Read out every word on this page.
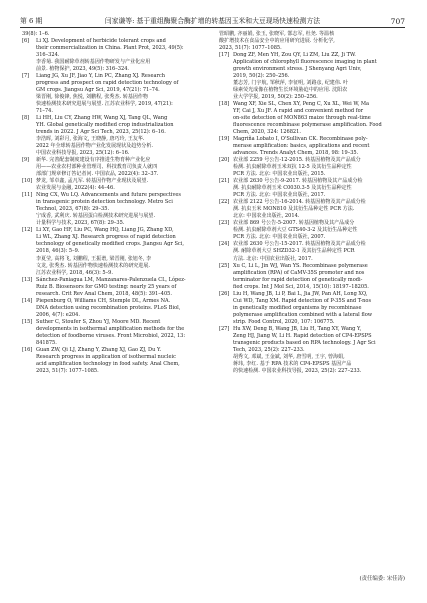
第 6 期	闫家谦等: 基于重组酶聚合酶扩增的转基因玉米和大豆现场快速检测方法	707
39(8): 1–6.
[6] Li XJ. Development of herbicide tolerant crops and
their commercialization in China. Plant Prot, 2023, 49(5):
316–324.
李香菊. 我国耐除草剂转基因作物研发与产业化应用
前景. 植物保护, 2023, 49(5): 316–324.
[7] Liang JG, Xu JF, Jiao Y, Lin PC, Zhang XJ. Research
progress and prospect on rapid detection technology of
GM crops. Jiangsu Agr Sci, 2019, 47(21): 71–74.
梁晋刚, 徐俊锋, 焦悦, 刘鹏程, 张秀杰. 转基因作物
快速检测技术研究进展与展望. 江苏农业科学, 2019, 47(21):
71–74.
[8] Li HH, Liu CY, Zhang HW, Wang XJ, Tang QL, Wang
YH. Global genetically modified crop industrialization
trends in 2022. J Agr Sci Tech, 2023, 25(12): 6–16.
李浩晖, 刘彩月, 张海文, 王晓静, 唐巧玲, 王友华.
2022 年全球转基因作物产业化发展现状及趋势分析.
中国农业科技导报, 2023, 25(12): 6–16.
[9] 新华. 完善配套制度建设有序推进生物育种产业化应
用——农业农村部种业管理司、科技教育司负责人就四
部部门规章修订答记者问. 中国农品, 2022(4): 32–37.
[10] 梦龙, 邹卓鑫, 孟凡军. 转基因作物产业现状及展望.
农业发展与金融, 2022(4): 44–46.
[11] Ning CX, Wu LQ. Advancements and future perspectives
in transgenic protein detection technology. Metro Sci
Technol, 2023, 67(8): 29–35.
宁成香, 武利庆. 转基因蛋白检测技术研究进展与展望.
计量科学与技术, 2023, 67(8): 29–35.
[12] Li XY, Gao HF, Liu PC, Wang HQ, Liang JG, Zhang XD,
Li WL, Zhang XJ. Research progress of rapid detection
technology of genetically modified crops. Jiangsu Agr Sci,
2018, 46(3): 5–9.
李夏莹, 高将飞, 刘鹏程, 王振谱, 梁晋刚, 张旭冬, 李
文龙, 张秀杰. 转基因作物快速检测技术的研究进展.
江苏农业科学, 2018, 46(3): 5–9.
[13] Sánchez-Paniagua LM, Manzanares-Palenzuela CL, López-
Ruiz B. Biosensors for GMO testing: nearly 25 years of
research. Crit Rev Anal Chem, 2018, 48(5): 391–405.
[14] Piepenburg O, Williams CH, Stemple DL, Armes NA.
DNA detection using recombination proteins. PLoS Biol,
2006, 4(7): e204.
[15] Suther C, Stoufer S, Zhou YJ, Moore MD. Recent
developments in isothermal amplification methods for the
detection of foodborne viruses. Front Microbiol, 2022, 13:
841875.
[16] Guan ZW, Qi LJ, Zhang Y, Zhang XJ, Gao ZJ, Du Y.
Research progress in application of isothermal nucleic
acid amplification technology in food safety. Anal Chem,
2023, 51(7): 1077–1085.
管昭鹏, 齐丽娟, 张玉, 张晓军, 郜志军, 杜尧. 等温核
酸扩增技术在食品安全中的应用研究进展. 分析化学,
2023, 51(7): 1077–1085.
[17] Dong ZF, Men YH, Zou QY, Li ZM, Liu ZZ, Ji TW.
Application of chlorophyll fluorescence imaging in plant
growth environment stress. J Shenyang Agri Univ,
2019, 50(2): 250–256.
董志芳, 门宇航, 邹秋萍, 李征明, 刘路彦, 纪建伟. 叶
绿素荧光成像在植物生长环境胁迫中的应用. 沈阳农
业大学学报, 2019, 50(2): 250–256.
[18] Wang XF, Xie SL, Chen XY, Peng C, Xu XL, Wei W, Ma
YF, Cai J, Xu JF. A rapid and convenient method for
on-site detection of MON863 maize through real-time
fluorescence recombinase polymerase amplification. Food
Chem, 2020, 324: 126821.
[19] Magriña Lobato I, O'Sullivan CK. Recombinase poly-
merase amplification: basics, applications and recent
advances. Trends Analyt Chem, 2018, 98: 19–35.
[20] 农业部 2259 号公告-12-2015. 转基因植物及其产品成分
检测. 抗虫耐除草剂玉米双抗 12-5 及其衍生品种定性
PCR 方法. 北京: 中国农业出版社, 2015.
[21] 农业部 2630 号公告-9-2017. 转基因植物及其产品成分检
测. 抗虫耐除草剂玉米 C0030.3-5 及其衍生品种定性
PCR 方法. 北京: 中国农业出版社, 2017.
[22] 农业部 2122 号公告-16-2014. 转基因植物及其产品成分检
测. 抗虫玉米 MON810 及其衍生品种定性 PCR 方法.
北京: 中国农业出版社, 2014.
[23] 农业部 869 号公告-5-2007. 转基因植物及其产品成分
检测. 抗虫耐除草剂大豆 GTS40-3-2 及其衍生品种定性
PCR 方法. 北京: 中国农业出版社, 2007.
[24] 农业部 2630 号公告-15-2017. 转基因植物及其产品成分检
测. 耐除草剂大豆 SHZD32-1 及其衍生品种定性 PCR
方法. 北京: 中国农业出版社, 2017.
[25] Xu C, Li L, Jin WJ, Wan YS. Recombinase polymerase
amplification (RPA) of CaMV-35S promoter and nos
terminator for rapid detection of genetically modi-
fied crops. Int J Mol Sci, 2014, 15(10): 18197–18205.
[26] Liu H, Wang JB, Li P, Bai L, Jia JW, Pan AH, Long XQ,
Cui WD, Tang XM. Rapid detection of P-35S and T-nos
in genetically modified organisms by recombinase
polymerase amplification combined with a lateral flow
strip. Food Control, 2020, 107: 106775.
[27] Hu XW, Deng B, Wang JB, Liu H, Tang XY, Wang Y,
Zeng HJ, Jiang W, Li H. Rapid detection of CP4-EPSPS
transgenic products based on RPA technology. J Agr Sci
Tech, 2023, 25(2): 227–233.
胡秀文, 邓斌, 王金斌, 刘华, 唐雪明, 王宇, 曾海娟,
蒋玮, 李红. 基于 RPA 技术的 CP4-EPSPS 基因产品
的快速检测. 中国农业科技导报, 2023, 25(2): 227–233.
(责任编委: 宋佳涛)
